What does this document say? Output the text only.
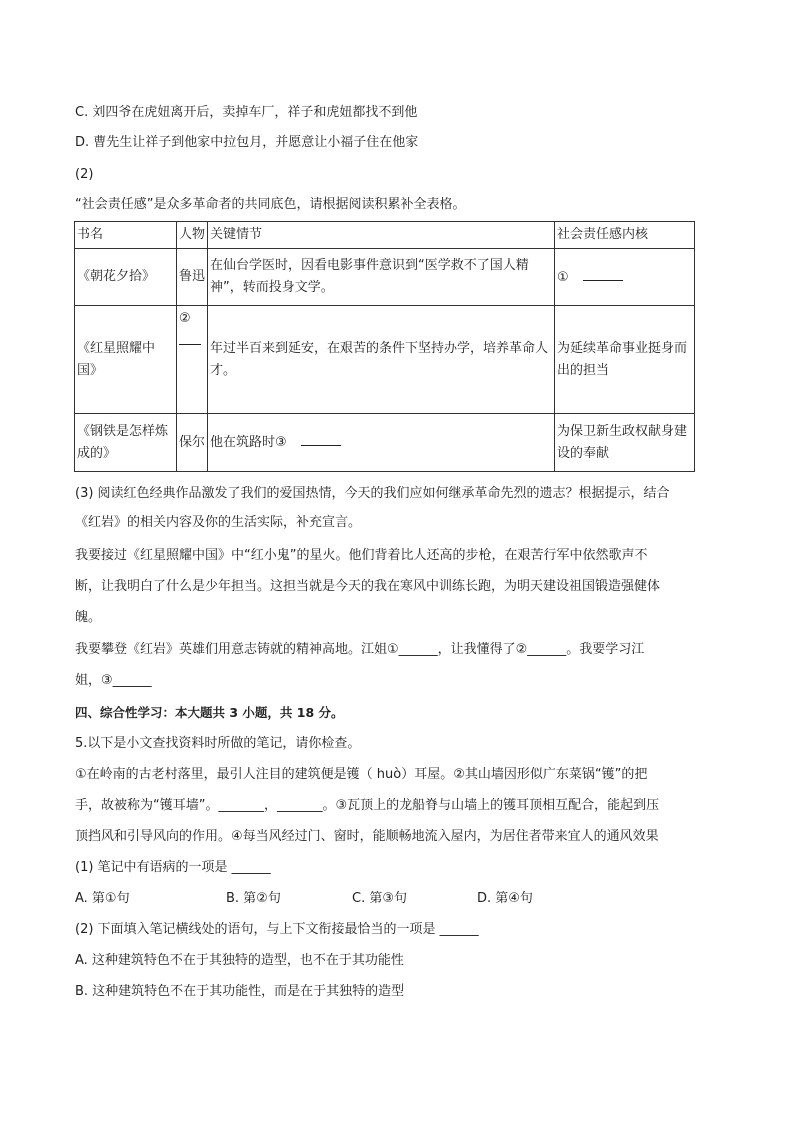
C. 刘四爷在虎妞离开后，卖掉车厂，祥子和虎妞都找不到他
D. 曹先生让祥子到他家中拉包月，并愿意让小福子住在他家
(2)
“社会责任感”是众多革命者的共同底色，请根据阅读积累补全表格。
书名	人物	关键情节	社会责任感内核
《朝花夕拾》	鲁迅	在仙台学医时，因看电影事件意识到“医学救不了国人精神”，转而投身文学。	①
《红星照耀中国》	②	年过半百来到延安，在艰苦的条件下坚持办学，培养革命人才。	为延续革命事业挺身而出的担当
《钢铁是怎样炼成的》	保尔	他在筑路时③	为保卫新生政权献身建设的奉献
(3) 阅读红色经典作品激发了我们的爱国热情，今天的我们应如何继承革命先烈的遗志？根据提示，结合
《红岩》的相关内容及你的生活实际，补充宣言。
我要接过《红星照耀中国》中“红小鬼”的星火。他们背着比人还高的步枪，在艰苦行军中依然歌声不
断，让我明白了什么是少年担当。这担当就是今天的我在寒风中训练长跑，为明天建设祖国锻造强健体
魄。
我要攀登《红岩》英雄们用意志铸就的精神高地。江姐①______，让我懂得了②______。我要学习江
姐，③______
四、综合性学习：本大题共 3 小题，共 18 分。
5.以下是小文查找资料时所做的笔记，请你检查。
①在岭南的古老村落里，最引人注目的建筑便是镬（ huò）耳屋。②其山墙因形似广东菜锅“镬”的把
手，故被称为“镬耳墙”。_______，_______。③瓦顶上的龙船脊与山墙上的镬耳顶相互配合，能起到压
顶挡风和引导风向的作用。④每当风经过门、窗时，能顺畅地流入屋内，为居住者带来宜人的通风效果
(1) 笔记中有语病的一项是 ______
A. 第①句	B. 第②句	C. 第③句	D. 第④句
(2) 下面填入笔记横线处的语句，与上下文衔接最恰当的一项是 ______
A. 这种建筑特色不在于其独特的造型，也不在于其功能性
B. 这种建筑特色不在于其功能性，而是在于其独特的造型
